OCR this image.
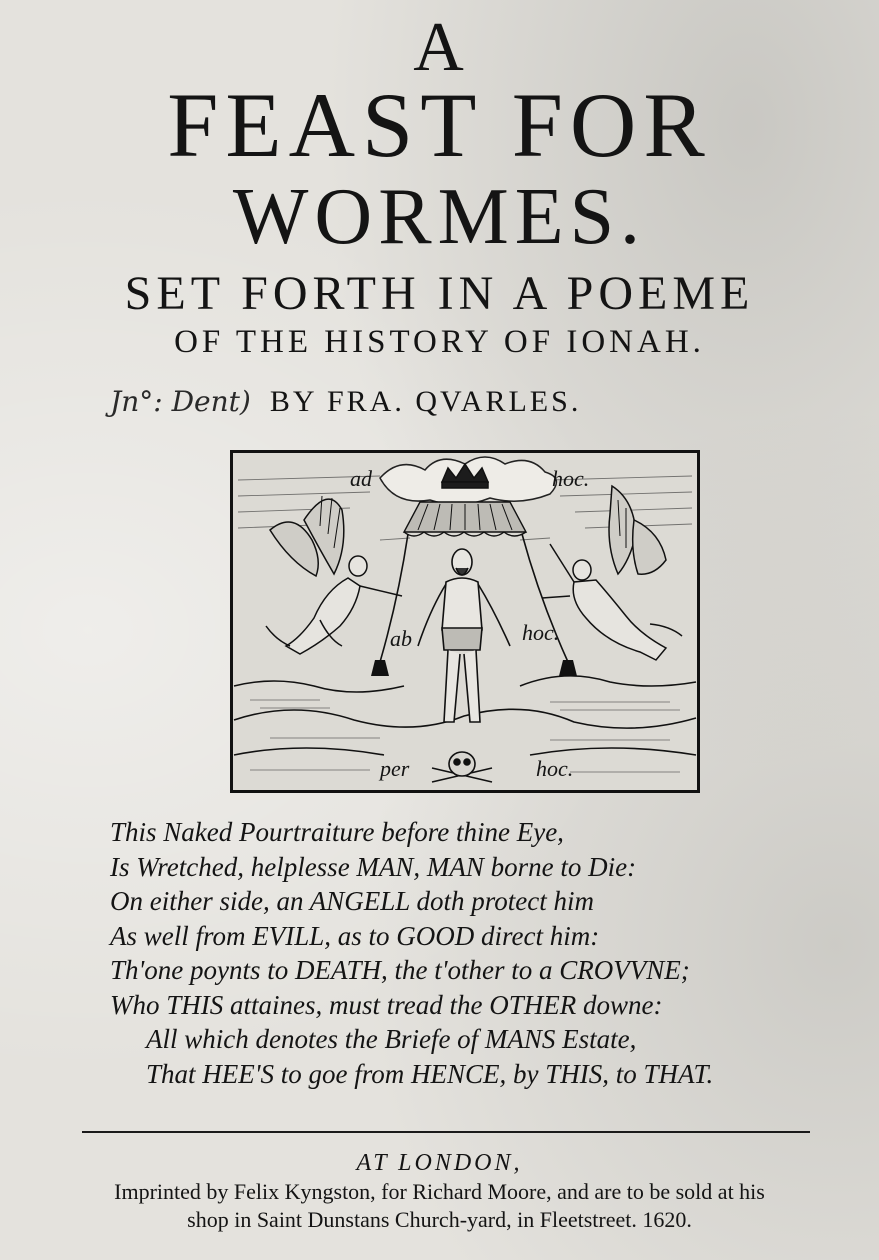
A
FEAST FOR
WORMES.
SET FORTH IN A POEME
OF THE HISTORY OF IONAH.
Jn°: Dent) BY FRA. QVARLES.
ad	hoc.
ab	hoc.
per	hoc.
This Naked Pourtraiture before thine Eye,
Is Wretched, helplesse MAN, MAN borne to Die:
On either side, an ANGELL doth protect him
As well from EVILL, as to GOOD direct him:
Th'one poynts to DEATH, the t'other to a CROVVNE;
Who THIS attaines, must tread the OTHER downe:
All which denotes the Briefe of MANS Estate,
That HEE'S to goe from HENCE, by THIS, to THAT.
AT LONDON,
Imprinted by Felix Kyngston, for Richard Moore, and are to be sold at his
shop in Saint Dunstans Church-yard, in Fleetstreet. 1620.
